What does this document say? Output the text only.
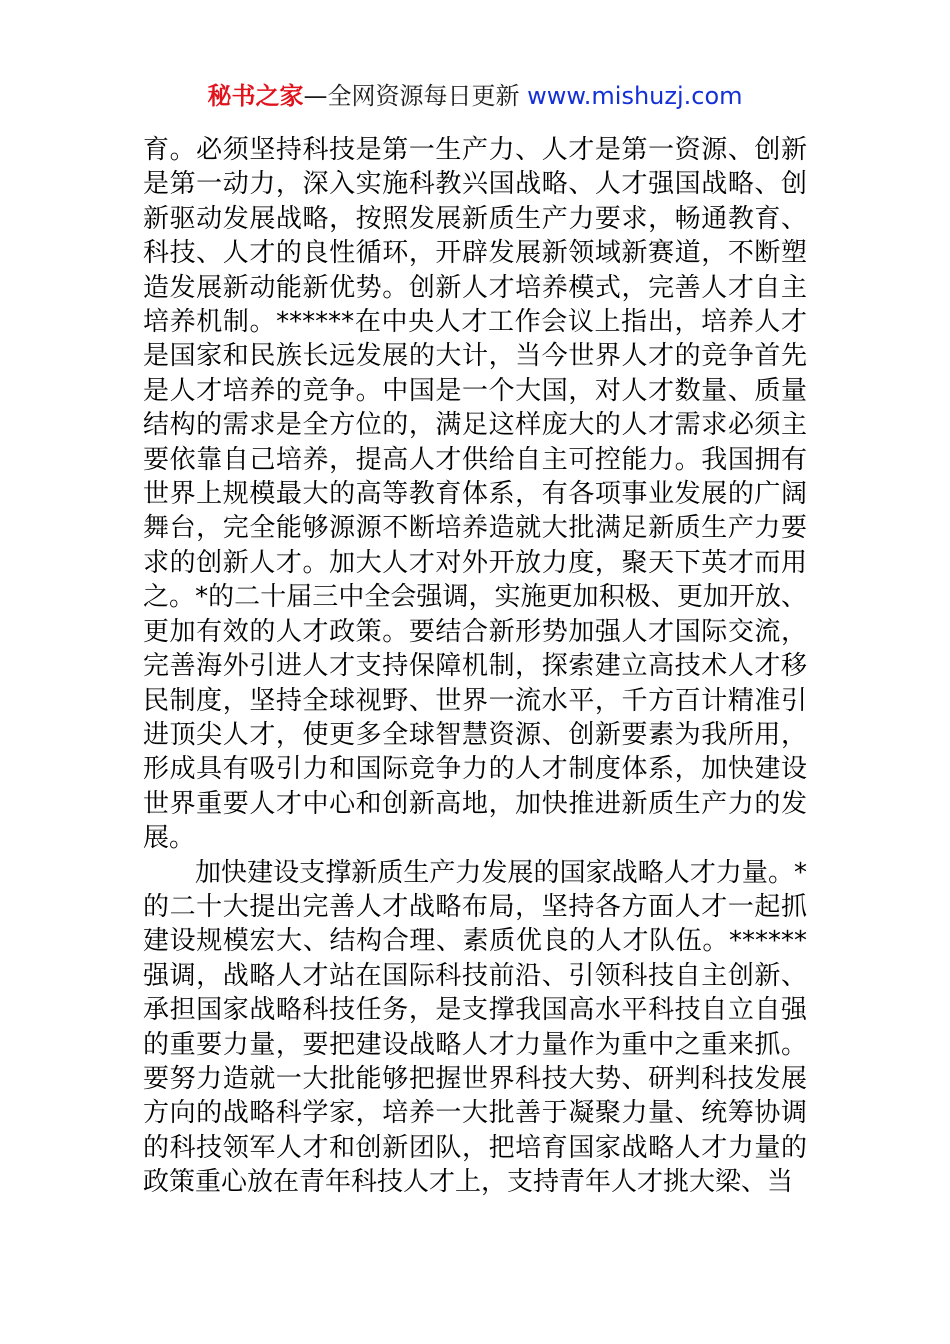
秘书之家—全网资源每日更新 www.mishuzj.com

育。必须坚持科技是第一生产力、人才是第一资源、创新是第一动力，深入实施科教兴国战略、人才强国战略、创新驱动发展战略，按照发展新质生产力要求，畅通教育、科技、人才的良性循环，开辟发展新领域新赛道，不断塑造发展新动能新优势。创新人才培养模式，完善人才自主培养机制。******在中央人才工作会议上指出，培养人才是国家和民族长远发展的大计，当今世界人才的竞争首先是人才培养的竞争。中国是一个大国，对人才数量、质量结构的需求是全方位的，满足这样庞大的人才需求必须主要依靠自己培养，提高人才供给自主可控能力。我国拥有世界上规模最大的高等教育体系，有各项事业发展的广阔舞台，完全能够源源不断培养造就大批满足新质生产力要求的创新人才。加大人才对外开放力度，聚天下英才而用之。*的二十届三中全会强调，实施更加积极、更加开放、更加有效的人才政策。要结合新形势加强人才国际交流，完善海外引进人才支持保障机制，探索建立高技术人才移民制度，坚持全球视野、世界一流水平，千方百计精准引进顶尖人才，使更多全球智慧资源、创新要素为我所用，形成具有吸引力和国际竞争力的人才制度体系，加快建设世界重要人才中心和创新高地，加快推进新质生产力的发展。

加快建设支撑新质生产力发展的国家战略人才力量。*的二十大提出完善人才战略布局，坚持各方面人才一起抓建设规模宏大、结构合理、素质优良的人才队伍。******强调，战略人才站在国际科技前沿、引领科技自主创新、承担国家战略科技任务，是支撑我国高水平科技自立自强的重要力量，要把建设战略人才力量作为重中之重来抓。要努力造就一大批能够把握世界科技大势、研判科技发展方向的战略科学家，培养一大批善于凝聚力量、统筹协调的科技领军人才和创新团队，把培育国家战略人才力量的政策重心放在青年科技人才上，支持青年人才挑大梁、当
